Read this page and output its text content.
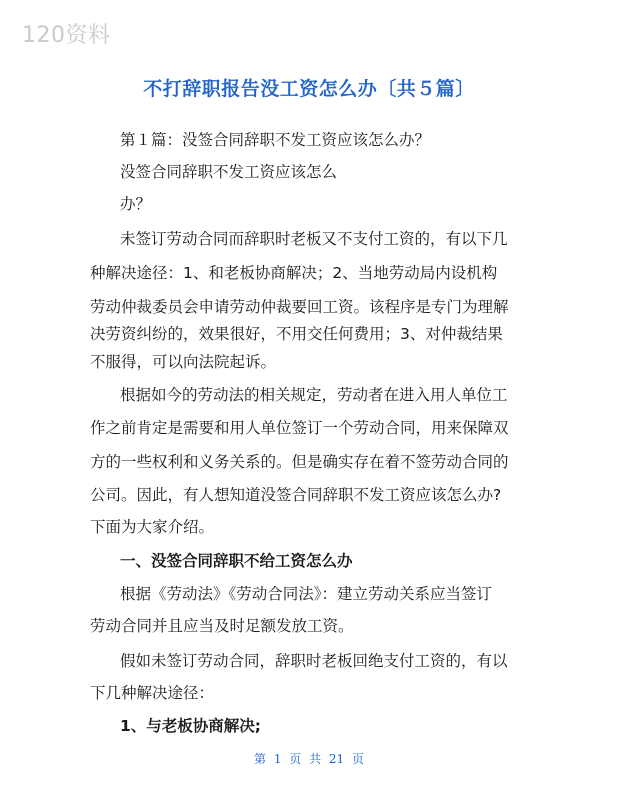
120资料
不打辞职报告没工资怎么办〔共５篇〕
第１篇：没签合同辞职不发工资应该怎么办？
没签合同辞职不发工资应该怎么
办？
未签订劳动合同而辞职时老板又不支付工资的，有以下几
种解决途径：1、和老板协商解决；2、当地劳动局内设机构
劳动仲裁委员会申请劳动仲裁要回工资。该程序是专门为理解
决劳资纠纷的，效果很好，不用交任何费用；3、对仲裁结果
不服得，可以向法院起诉。
根据如今的劳动法的相关规定，劳动者在进入用人单位工
作之前肯定是需要和用人单位签订一个劳动合同，用来保障双
方的一些权利和义务关系的。但是确实存在着不签劳动合同的
公司。因此，有人想知道没签合同辞职不发工资应该怎么办?
下面为大家介绍。
一、没签合同辞职不给工资怎么办
根据《劳动法》《劳动合同法》：建立劳动关系应当签订
劳动合同并且应当及时足额发放工资。
假如未签订劳动合同，辞职时老板回绝支付工资的，有以
下几种解决途径：
1、与老板协商解决;
第 1 页 共 21 页
